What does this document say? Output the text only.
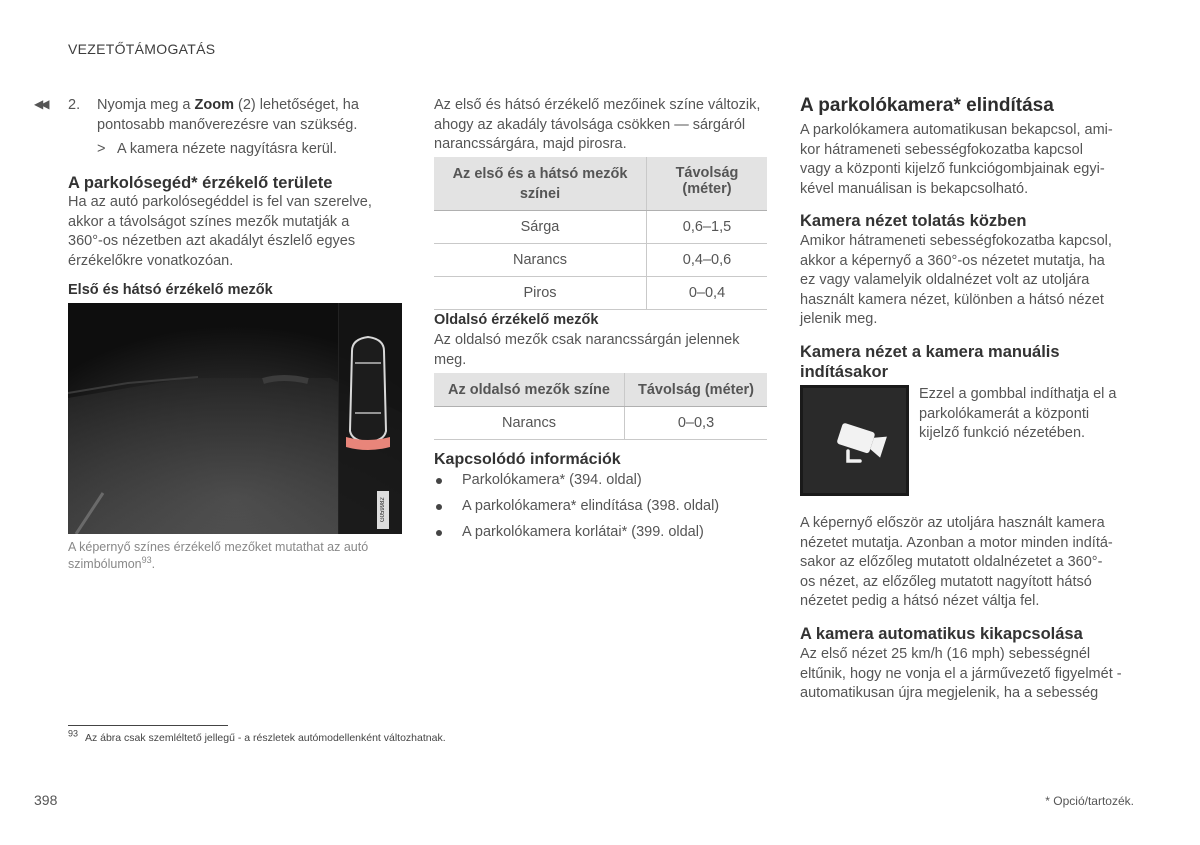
VEZETŐTÁMOGATÁS
◀◀ 2. Nyomja meg a Zoom (2) lehetőséget, ha
pontosabb manőverezésre van szükség.
> A kamera nézete nagyításra kerül.
A parkolósegéd* érzékelő területe
Ha az autó parkolósegéddel is fel van szerelve,
akkor a távolságot színes mezők mutatják a
360°-os nézetben azt akadályt észlelő egyes
érzékelőkre vonatkozóan.
Első és hátsó érzékelő mezők
G059982
A képernyő színes érzékelő mezőket mutathat az autó
szimbólumon$^{93}$.
Az első és hátsó érzékelő mezőinek színe változik,
ahogy az akadály távolsága csökken — sárgáról
narancssárgára, majd pirosra.
Az első és a hátsó mezők
színei	Távolság (méter)
Sárga	0,6–1,5
Narancs	0,4–0,6
Piros	0–0,4
Oldalsó érzékelő mezők
Az oldalsó mezők csak narancssárgán jelennek
meg.
Az oldalsó mezők színe	Távolság (méter)
Narancs	0–0,3
Kapcsolódó információk
Parkolókamera* (394. oldal)
A parkolókamera* elindítása (398. oldal)
A parkolókamera korlátai* (399. oldal)
A parkolókamera* elindítása
A parkolókamera automatikusan bekapcsol, ami-
kor hátrameneti sebességfokozatba kapcsol
vagy a központi kijelző funkciógombjainak egyi-
kével manuálisan is bekapcsolható.
Kamera nézet tolatás közben
Amikor hátrameneti sebességfokozatba kapcsol,
akkor a képernyő a 360°-os nézetet mutatja, ha
ez vagy valamelyik oldalnézet volt az utoljára
használt kamera nézet, különben a hátsó nézet
jelenik meg.
Kamera nézet a kamera manuális
indításakor
Ezzel a gombbal indíthatja el a
parkolókamerát a központi
kijelző funkció nézetében.
A képernyő először az utoljára használt kamera
nézetet mutatja. Azonban a motor minden indítá-
sakor az előzőleg mutatott oldalnézetet a 360°-
os nézet, az előzőleg mutatott nagyított hátsó
nézetet pedig a hátsó nézet váltja fel.
A kamera automatikus kikapcsolása
Az első nézet 25 km/h (16 mph) sebességnél
eltűnik, hogy ne vonja el a járművezető figyelmét -
automatikusan újra megjelenik, ha a sebesség
$^{93}$ Az ábra csak szemléltető jellegű - a részletek autómodellenként változhatnak.
398	* Opció/tartozék.
